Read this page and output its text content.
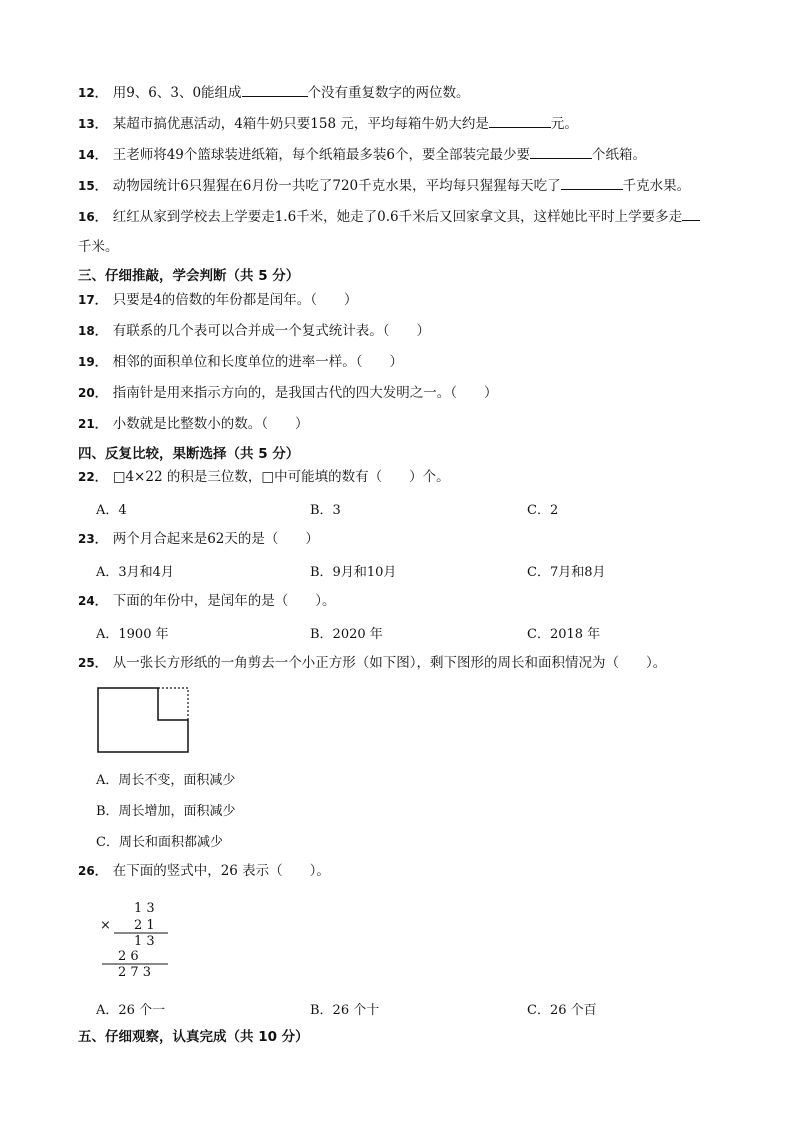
12． 用9、6、3、0能组成	个没有重复数字的两位数。
13． 某超市搞优惠活动，4箱牛奶只要158 元，平均每箱牛奶大约是	元。
14． 王老师将49个篮球装进纸箱，每个纸箱最多装6个，要全部装完最少要	个纸箱。
15． 动物园统计6只猩猩在6月份一共吃了720千克水果，平均每只猩猩每天吃了	千克水果。
16． 红红从家到学校去上学要走1.6千米，她走了0.6千米后又回家拿文具，这样她比平时上学要多走
千米。
三、仔细推敲，学会判断（共 5 分）
17． 只要是4的倍数的年份都是闰年。（　　）
18． 有联系的几个表可以合并成一个复式统计表。（　　）
19． 相邻的面积单位和长度单位的进率一样。（　　）
20． 指南针是用来指示方向的，是我国古代的四大发明之一。（　　）
21． 小数就是比整数小的数。（　　）
四、反复比较，果断选择（共 5 分）
22． □4×22 的积是三位数，□中可能填的数有（　　）个。
A．4	B．3	C．2
23． 两个月合起来是62天的是（　　）
A．3月和4月	B．9月和10月	C．7月和8月
24． 下面的年份中，是闰年的是（　　）。
A．1900 年	B．2020 年	C．2018 年
25． 从一张长方形纸的一角剪去一个小正方形（如下图），剩下图形的周长和面积情况为（　　）。
A．周长不变，面积减少
B．周长增加，面积减少
C．周长和面积都减少
26． 在下面的竖式中，26 表示（　　）。
1 3
× 2 1
1 3
2 6
2 7 3
A．26 个一	B．26 个十	C．26 个百
五、仔细观察，认真完成（共 10 分）
